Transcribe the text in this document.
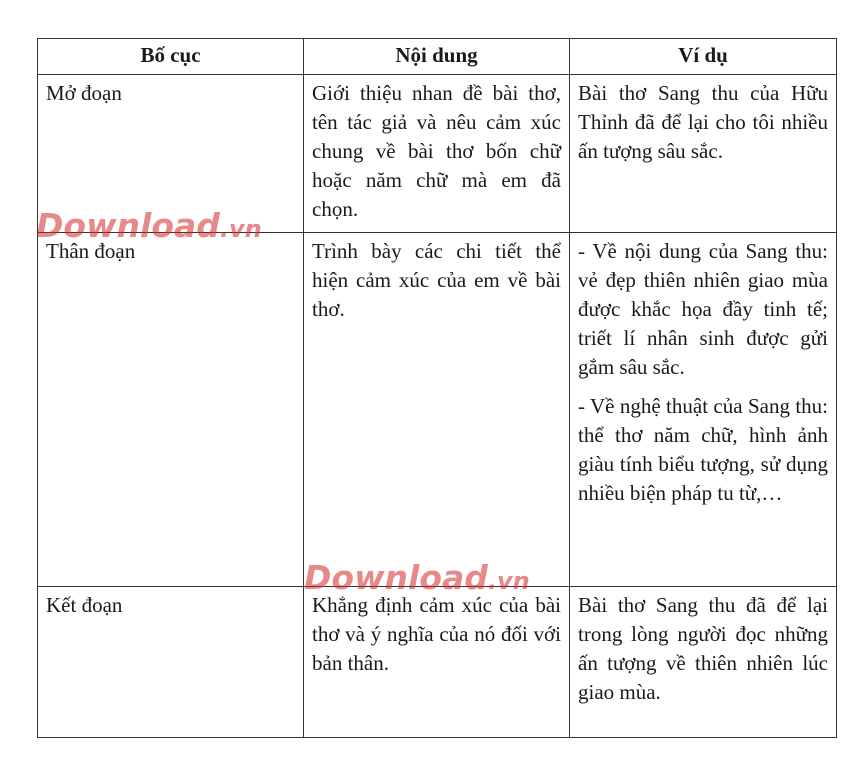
Bố cục	Nội dung	Ví dụ
Mở đoạn	Giới thiệu nhan đề bài thơ, tên tác giả và nêu cảm xúc chung về bài thơ bốn chữ hoặc năm chữ mà em đã chọn.	Bài thơ Sang thu của Hữu Thỉnh đã để lại cho tôi nhiều ấn tượng sâu sắc.

Thân đoạn	Trình bày các chi tiết thể hiện cảm xúc của em về bài thơ.	- Về nội dung của Sang thu: vẻ đẹp thiên nhiên giao mùa được khắc họa đầy tinh tế; triết lí nhân sinh được gửi gắm sâu sắc.
- Về nghệ thuật của Sang thu: thể thơ năm chữ, hình ảnh giàu tính biểu tượng, sử dụng nhiều biện pháp tu từ,…

Kết đoạn	Khẳng định cảm xúc của bài thơ và ý nghĩa của nó đối với bản thân.	Bài thơ Sang thu đã để lại trong lòng người đọc những ấn tượng về thiên nhiên lúc giao mùa.
Download.vn
Download.vn
